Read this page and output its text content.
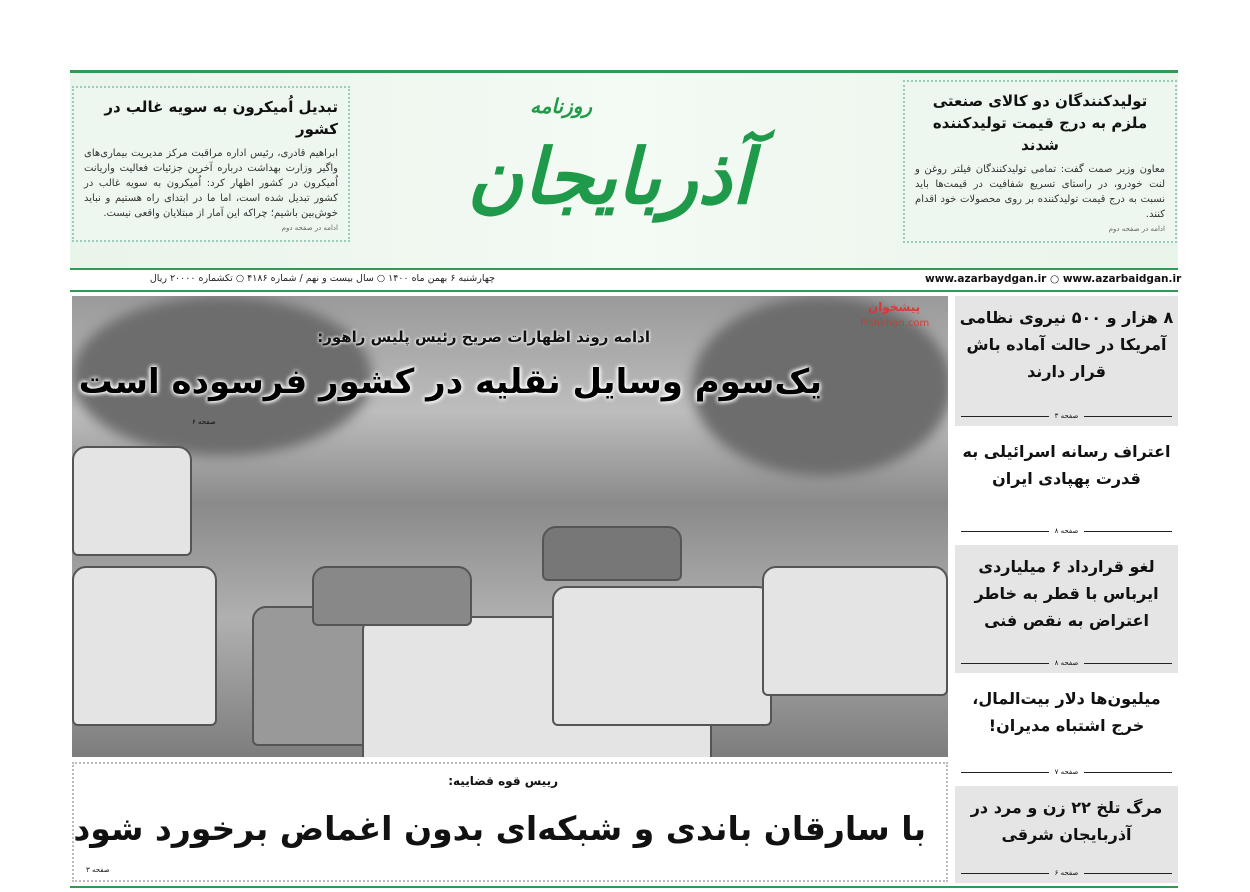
تبدیل اُمیکرون به سویه غالب در کشور

ابراهیم قادری، رئیس اداره مراقبت مرکز مدیریت بیماری‌های واگیر وزارت بهداشت درباره آخرین جزئیات فعالیت واریانت اُمیکرون در کشور اظهار کرد: اُمیکرون به سویه غالب در کشور تبدیل شده است، اما ما در ابتدای راه هستیم و نباید خوش‌بین باشیم؛ چراکه این آمار از مبتلایان واقعی نیست.

ادامه در صفحه دوم
روزنامه
آذربایجان
تولیدکنندگان دو کالای صنعتی ملزم به درج قیمت تولیدکننده شدند

معاون وزیر صمت گفت: تمامی تولیدکنندگان فیلتر روغن و لنت خودرو، در راستای تسریع شفافیت در قیمت‌ها باید نسبت به درج قیمت تولیدکننده بر روی محصولات خود اقدام کنند.

ادامه در صفحه دوم
چهارشنبه ۶ بهمن ماه ۱۴۰۰ ○ سال بیست و نهم / شماره ۴۱۸۶ ○ تکشماره ۲۰۰۰۰ ریال	www.azarbaydgan.ir ○ www.azarbaidgan.ir
ادامه روند اظهارات صریح رئیس پلیس راهور:
یک‌سوم وسایل نقلیه در کشور فرسوده است
صفحه ۶
پیشخوان
Pishkhan.com
رییس قوه قضاییه:
با سارقان باندی و شبکه‌ای بدون اغماض برخورد شود
صفحه ۳
۸ هزار و ۵۰۰ نیروی نظامی آمریکا در حالت آماده باش قرار دارند
صفحه ۳
اعتراف رسانه اسرائیلی به قدرت پهپادی ایران
صفحه ۸
لغو قرارداد ۶ میلیاردی ایرباس با قطر به خاطر اعتراض به نقص فنی
صفحه ۸
میلیون‌ها دلار بیت‌المال، خرج اشتباه مدیران!
صفحه ۷
مرگ تلخ ۲۲ زن و مرد در آذربایجان شرقی
صفحه ۶
